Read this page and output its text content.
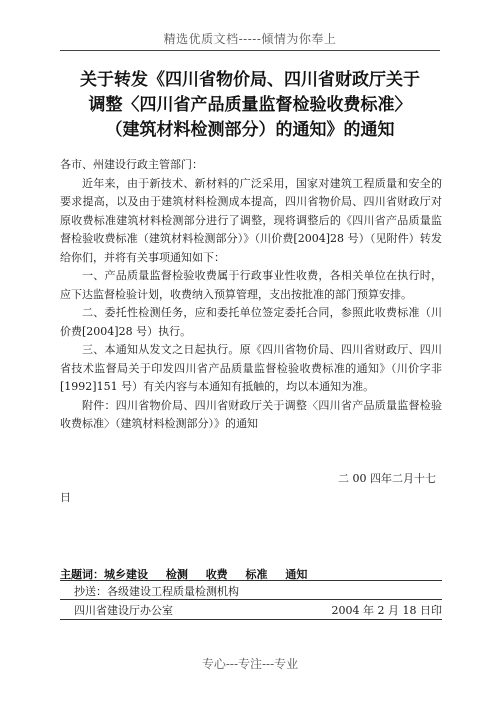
精选优质文档-----倾情为你奉上
关于转发《四川省物价局、四川省财政厅关于
调整〈四川省产品质量监督检验收费标准〉
（建筑材料检测部分）的通知》的通知

各市、州建设行政主管部门：

近年来，由于新技术、新材料的广泛采用，国家对建筑工程质量和安全的要求提高，以及由于建筑材料检测成本提高，四川省物价局、四川省财政厅对原收费标准建筑材料检测部分进行了调整，现将调整后的《四川省产品质量监督检验收费标准（建筑材料检测部分）》（川价费[2004]28 号）（见附件）转发给你们，并将有关事项通知如下：

一、产品质量监督检验收费属于行政事业性收费，各相关单位在执行时，应下达监督检验计划，收费纳入预算管理，支出按批准的部门预算安排。

二、委托性检测任务，应和委托单位签定委托合同，参照此收费标准（川价费[2004]28 号）执行。

三、本通知从发文之日起执行。原《四川省物价局、四川省财政厅、四川省技术监督局关于印发四川省产品质量监督检验收费标准的通知》（川价字非[1992]151 号）有关内容与本通知有抵触的，均以本通知为准。

附件：四川省物价局、四川省财政厅关于调整〈四川省产品质量监督检验收费标准〉（建筑材料检测部分）》的通知

二 00 四年二月十七
日
主题词：城乡建设 检测 收费 标准 通知
抄送：各级建设工程质量检测机构
四川省建设厅办公室	2004 年 2 月 18 日印
专心---专注---专业
